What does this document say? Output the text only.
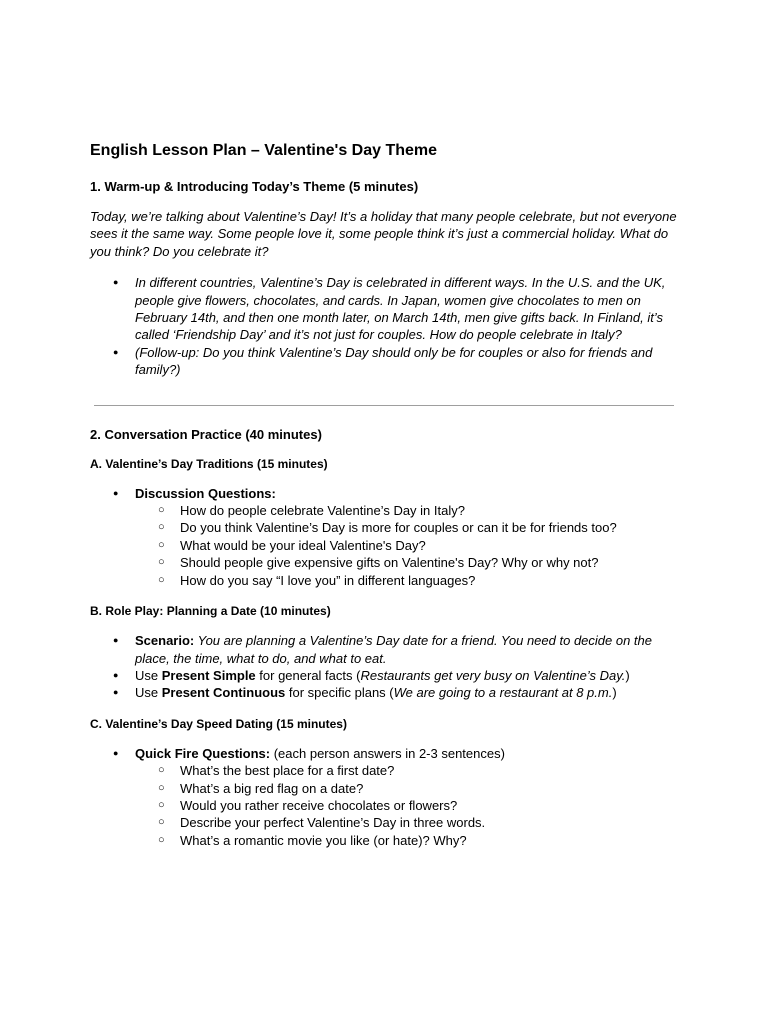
English Lesson Plan – Valentine's Day Theme
1. Warm-up & Introducing Today’s Theme (5 minutes)

Today, we’re talking about Valentine’s Day! It’s a holiday that many people celebrate, but not everyone sees it the same way. Some people love it, some people think it’s just a commercial holiday. What do you think? Do you celebrate it?

● In different countries, Valentine’s Day is celebrated in different ways. In the U.S. and the UK, people give flowers, chocolates, and cards. In Japan, women give chocolates to men on February 14th, and then one month later, on March 14th, men give gifts back. In Finland, it’s called ‘Friendship Day’ and it’s not just for couples. How do people celebrate in Italy?
● (Follow-up: Do you think Valentine’s Day should only be for couples or also for friends and family?)
2. Conversation Practice (40 minutes)
A. Valentine’s Day Traditions (15 minutes)
● Discussion Questions:
○ How do people celebrate Valentine’s Day in Italy?
○ Do you think Valentine’s Day is more for couples or can it be for friends too?
○ What would be your ideal Valentine's Day?
○ Should people give expensive gifts on Valentine's Day? Why or why not?
○ How do you say “I love you” in different languages?
B. Role Play: Planning a Date (10 minutes)
● Scenario: You are planning a Valentine’s Day date for a friend. You need to decide on the place, the time, what to do, and what to eat.
● Use Present Simple for general facts (Restaurants get very busy on Valentine’s Day.)
● Use Present Continuous for specific plans (We are going to a restaurant at 8 p.m.)
C. Valentine’s Day Speed Dating (15 minutes)
● Quick Fire Questions: (each person answers in 2-3 sentences)
○ What’s the best place for a first date?
○ What’s a big red flag on a date?
○ Would you rather receive chocolates or flowers?
○ Describe your perfect Valentine’s Day in three words.
○ What’s a romantic movie you like (or hate)? Why?
